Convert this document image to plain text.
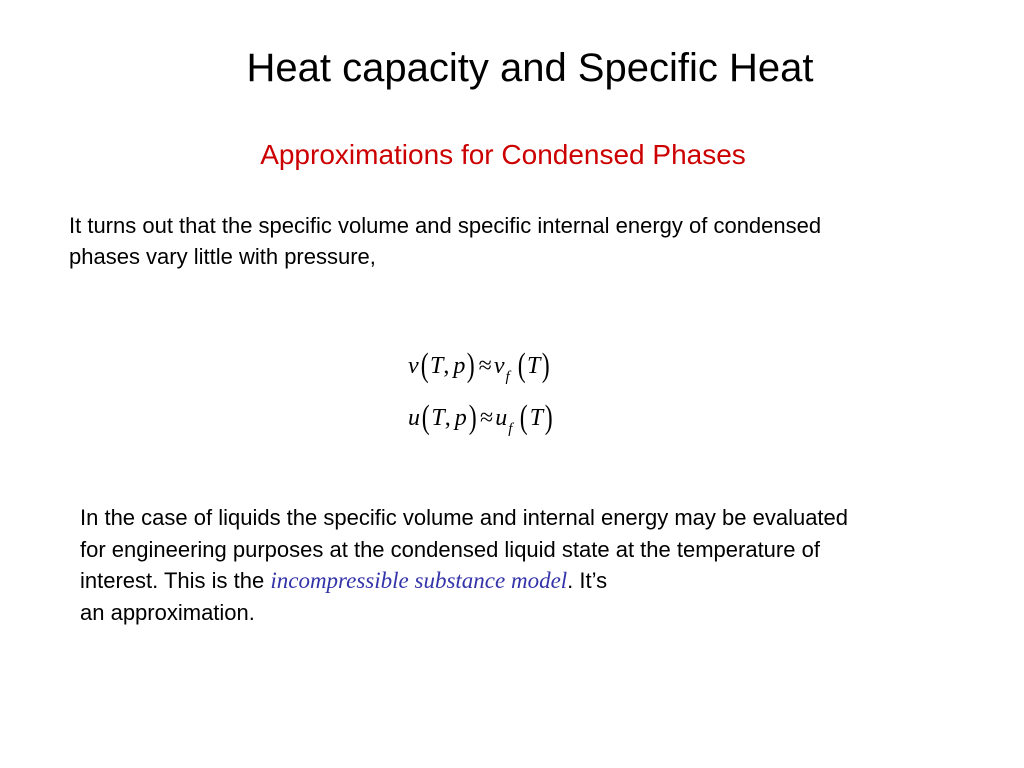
Heat capacity and Specific Heat
Approximations for Condensed Phases
It turns out that the specific volume and specific internal energy of condensed
phases vary little with pressure,
v(T, $p) \approx v_f$ (T)
u(T, $p) \approx u_f$ (T)
In the case of liquids the specific volume and internal energy may be evaluated
for engineering purposes at the condensed liquid state at the temperature of
interest. This is the incompressible substance model. It’s
an approximation.
